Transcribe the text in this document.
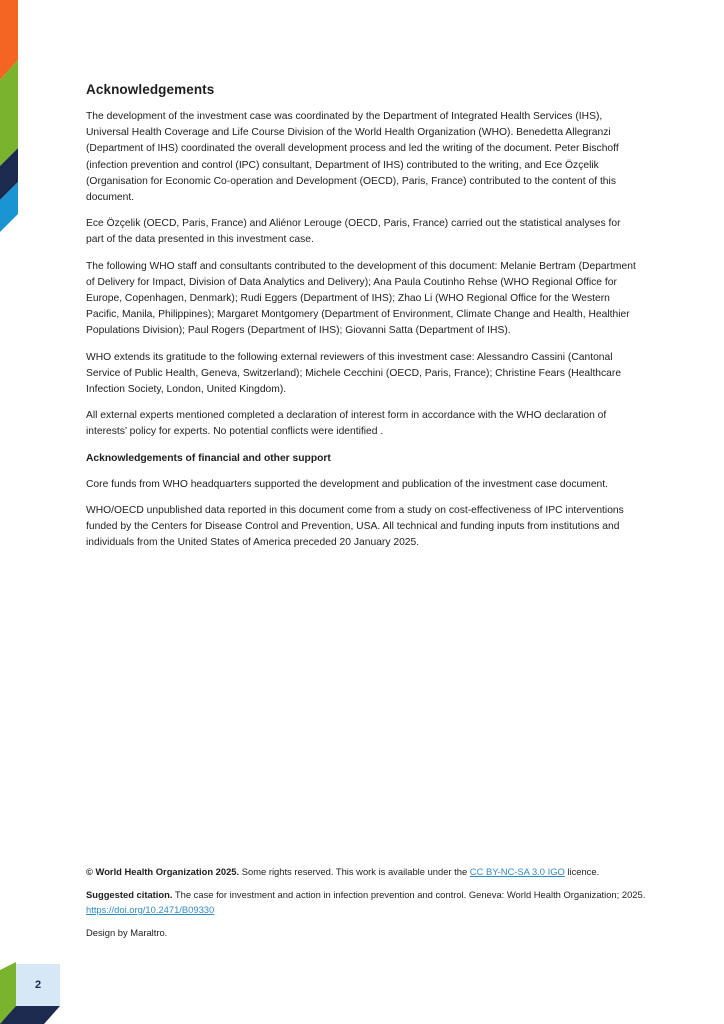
Acknowledgements

The development of the investment case was coordinated by the Department of Integrated Health Services (IHS), Universal Health Coverage and Life Course Division of the World Health Organization (WHO). Benedetta Allegranzi (Department of IHS) coordinated the overall development process and led the writing of the document. Peter Bischoff (infection prevention and control (IPC) consultant, Department of IHS) contributed to the writing, and Ece Özçelik (Organisation for Economic Co-operation and Development (OECD), Paris, France) contributed to the content of this document.

Ece Özçelik (OECD, Paris, France) and Aliénor Lerouge (OECD, Paris, France) carried out the statistical analyses for part of the data presented in this investment case.

The following WHO staff and consultants contributed to the development of this document: Melanie Bertram (Department of Delivery for Impact, Division of Data Analytics and Delivery); Ana Paula Coutinho Rehse (WHO Regional Office for Europe, Copenhagen, Denmark); Rudi Eggers (Department of IHS); Zhao Li (WHO Regional Office for the Western Pacific, Manila, Philippines); Margaret Montgomery (Department of Environment, Climate Change and Health, Healthier Populations Division); Paul Rogers (Department of IHS); Giovanni Satta (Department of IHS).

WHO extends its gratitude to the following external reviewers of this investment case: Alessandro Cassini (Cantonal Service of Public Health, Geneva, Switzerland); Michele Cecchini (OECD, Paris, France); Christine Fears (Healthcare Infection Society, London, United Kingdom).

All external experts mentioned completed a declaration of interest form in accordance with the WHO declaration of interests’ policy for experts. No potential conflicts were identified .

Acknowledgements of financial and other support

Core funds from WHO headquarters supported the development and publication of the investment case document.

WHO/OECD unpublished data reported in this document come from a study on cost-effectiveness of IPC interventions funded by the Centers for Disease Control and Prevention, USA. All technical and funding inputs from institutions and individuals from the United States of America preceded 20 January 2025.

© World Health Organization 2025. Some rights reserved. This work is available under the CC BY-NC-SA 3.0 IGO licence.

Suggested citation. The case for investment and action in infection prevention and control. Geneva: World Health Organization; 2025. https://doi.org/10.2471/B09330

Design by Maraltro.

2
